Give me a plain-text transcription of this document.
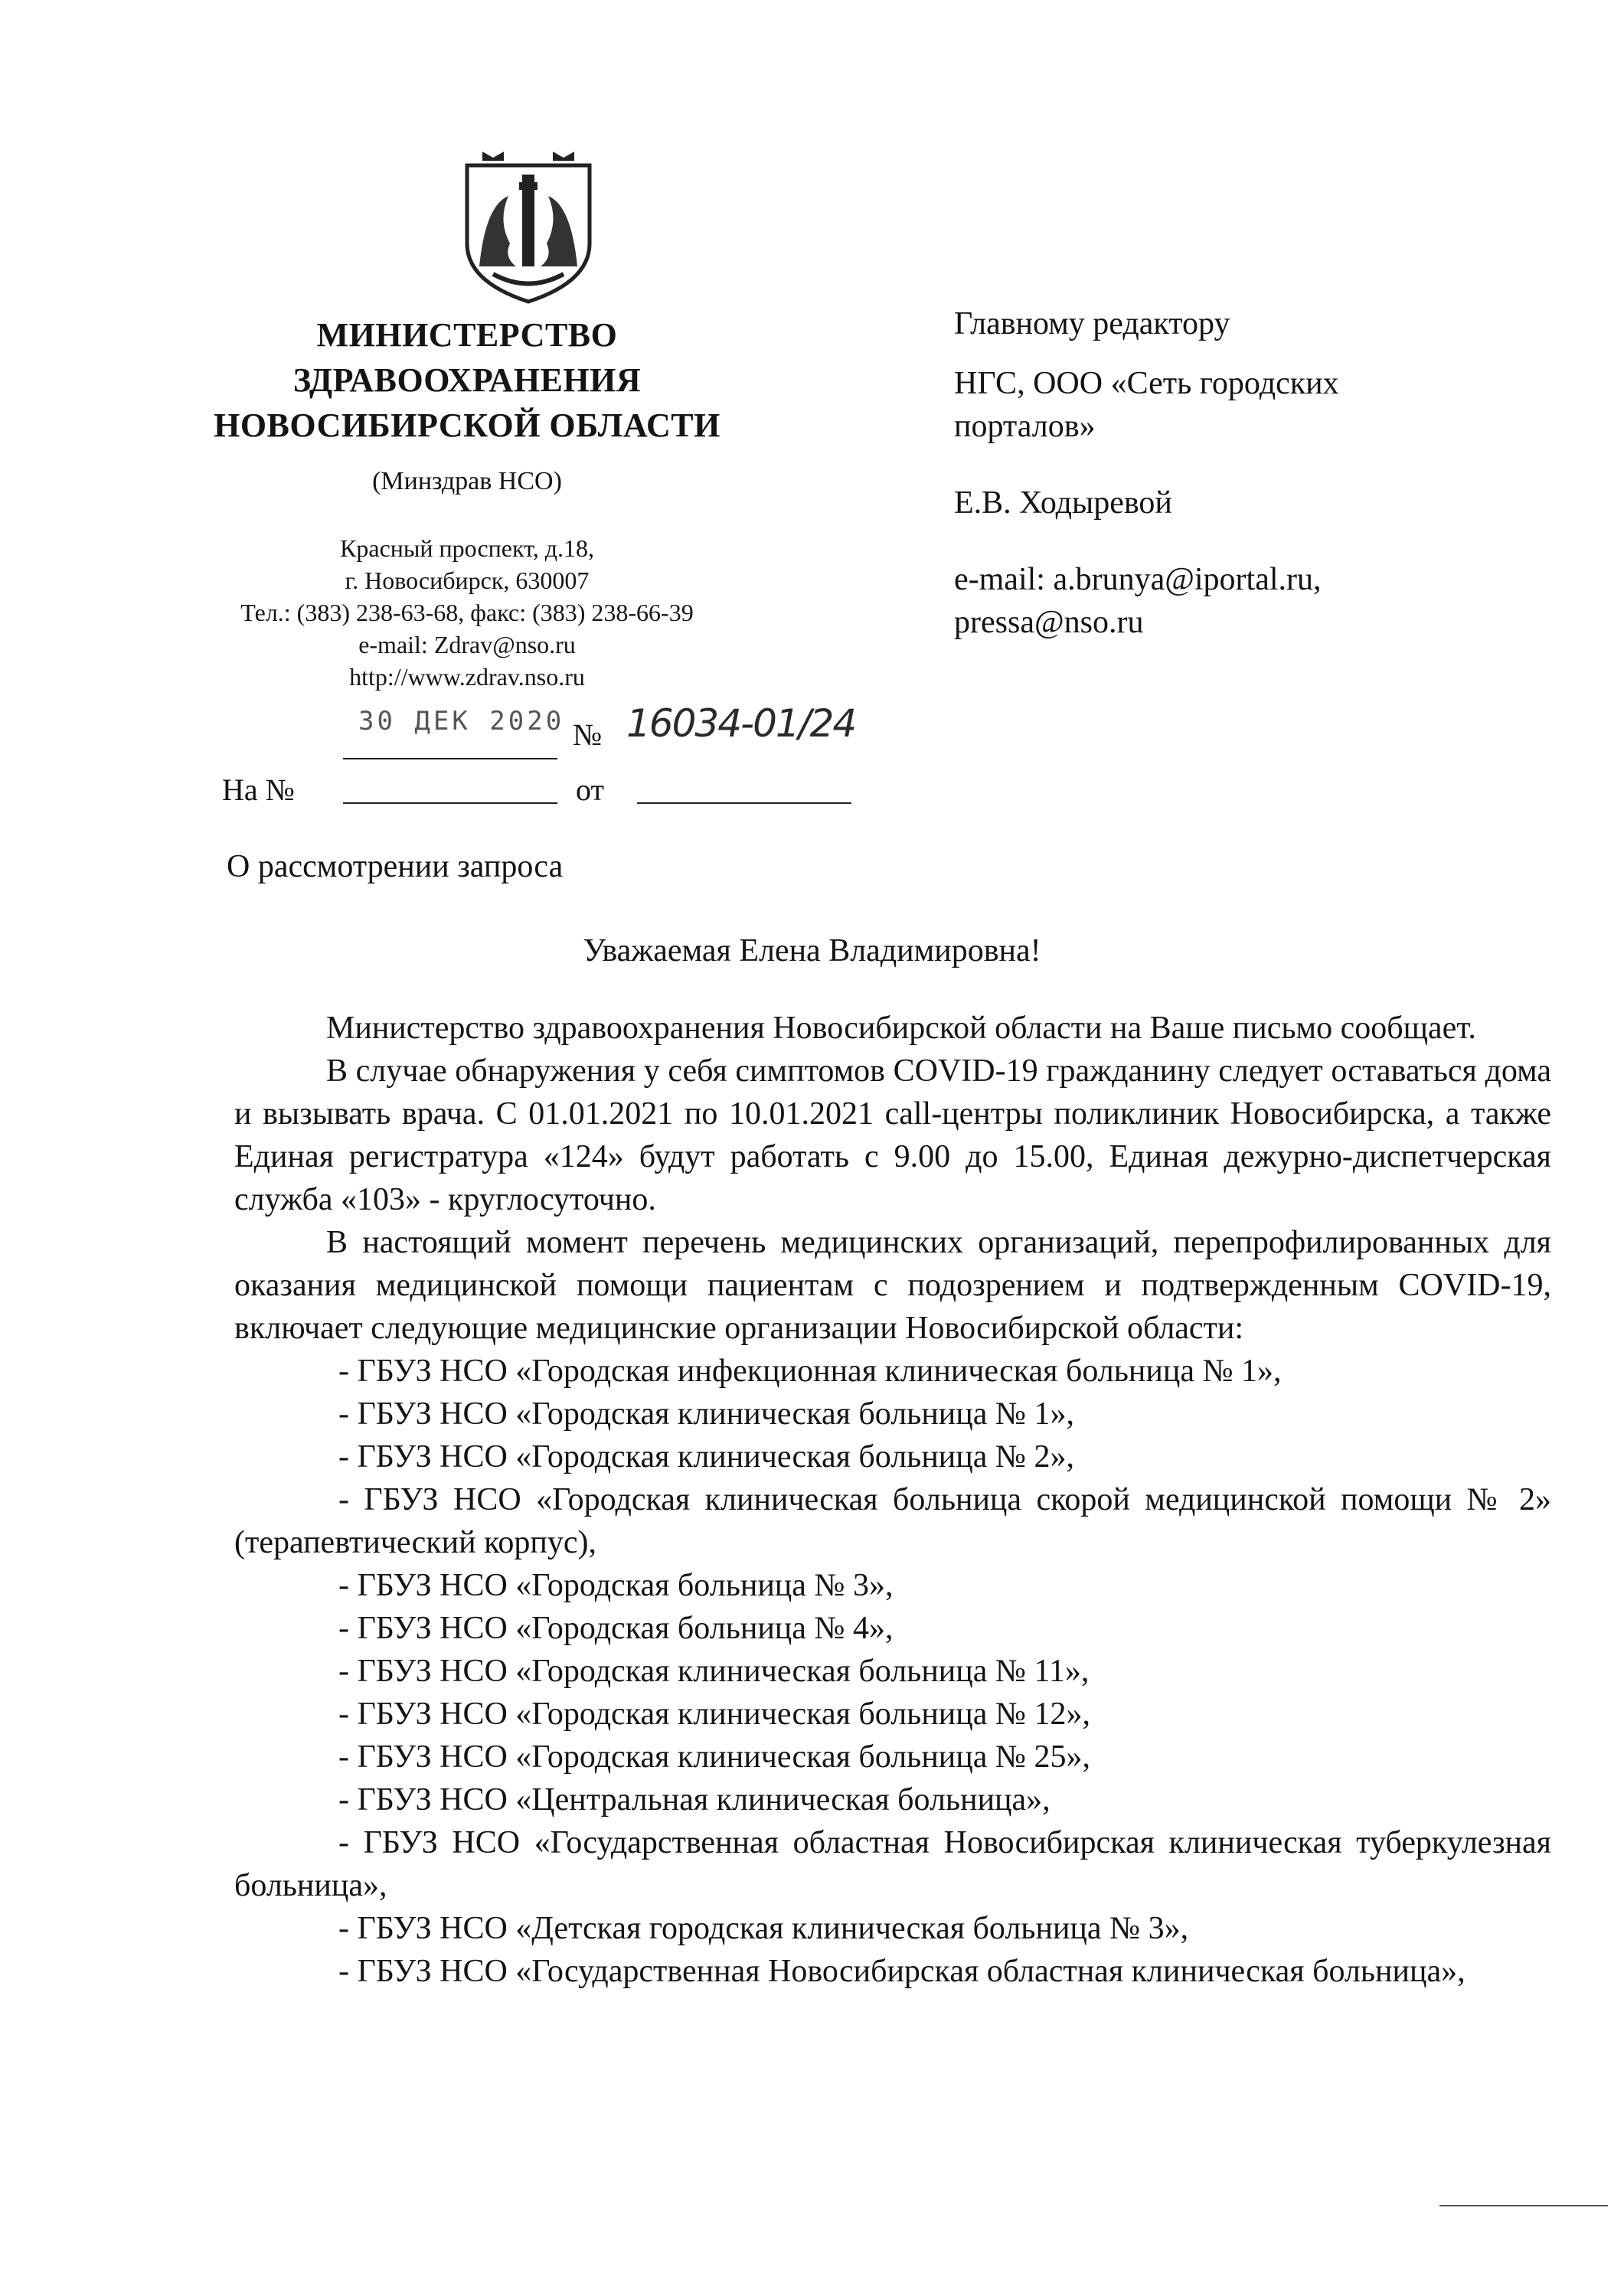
МИНИСТЕРСТВО
ЗДРАВООХРАНЕНИЯ
НОВОСИБИРСКОЙ ОБЛАСТИ
(Минздрав НСО)
Красный проспект, д.18,
г. Новосибирск, 630007
Тел.: (383) 238-63-68, факс: (383) 238-66-39
e-mail: Zdrav@nso.ru
http://www.zdrav.nso.ru
30 ДЕК 2020 № 16034-01/24
На №	от
Главному редактору
НГС, ООО «Сеть городских
порталов»
Е.В. Ходыревой
e-mail: a.brunya@iportal.ru,
pressa@nso.ru
О рассмотрении запроса
Уважаемая Елена Владимировна!

Министерство здравоохранения Новосибирской области на Ваше письмо сообщает.

В случае обнаружения у себя симптомов COVID-19 гражданину следует оставаться дома и вызывать врача. С 01.01.2021 по 10.01.2021 call-центры поликлиник Новосибирска, а также Единая регистратура «124» будут работать с 9.00 до 15.00, Единая дежурно-диспетчерская служба «103» - круглосуточно.

В настоящий момент перечень медицинских организаций, перепрофилированных для оказания медицинской помощи пациентам с подозрением и подтвержденным COVID-19, включает следующие медицинские организации Новосибирской области:

- ГБУЗ НСО «Городская инфекционная клиническая больница № 1»,

- ГБУЗ НСО «Городская клиническая больница № 1»,

- ГБУЗ НСО «Городская клиническая больница № 2»,

- ГБУЗ НСО «Городская клиническая больница скорой медицинской помощи № 2» (терапевтический корпус),

- ГБУЗ НСО «Городская больница № 3»,

- ГБУЗ НСО «Городская больница № 4»,

- ГБУЗ НСО «Городская клиническая больница № 11»,

- ГБУЗ НСО «Городская клиническая больница № 12»,

- ГБУЗ НСО «Городская клиническая больница № 25»,

- ГБУЗ НСО «Центральная клиническая больница»,

- ГБУЗ НСО «Государственная областная Новосибирская клиническая туберкулезная больница»,

- ГБУЗ НСО «Детская городская клиническая больница № 3»,

- ГБУЗ НСО «Государственная Новосибирская областная клиническая больница»,
